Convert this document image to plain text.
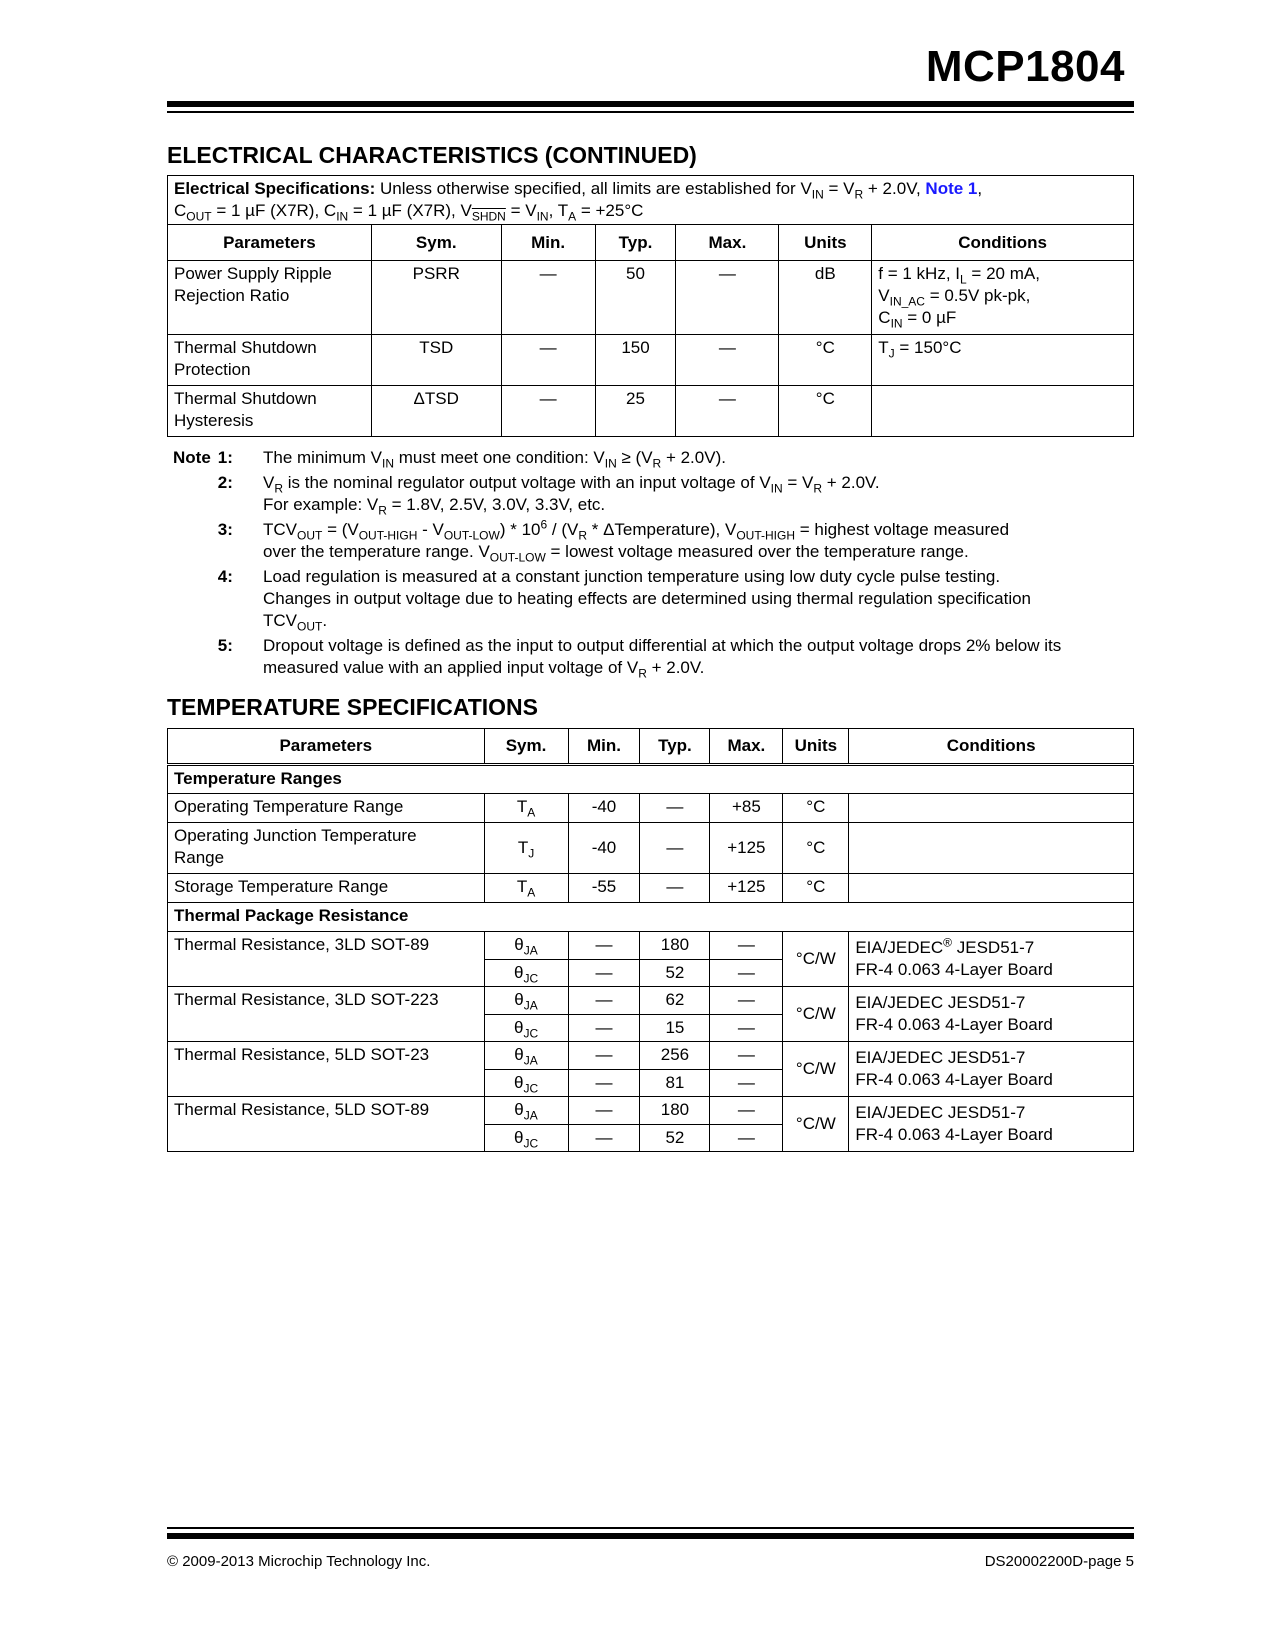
MCP1804
ELECTRICAL CHARACTERISTICS (CONTINUED)
Electrical Specifications: Unless otherwise specified, all limits are established for $V_{IN} = V_R + 2.0V$, Note 1,
$C_{OUT} = 1$ µF (X7R), $C_{IN} = 1$ µF (X7R), $V_{SHDN} = V_{IN}$, $T_A = +25^\circ C$						
Parameters	Sym.	Min.	Typ.	Max.	Units	Conditions
Power Supply Ripple
Rejection Ratio	PSRR	—	50	—	dB	f = 1 kHz, $I_L = 20$ mA,
$V_{IN\_AC} = 0.5V$ pk-pk,
$C_{IN} = 0$ µF
Thermal Shutdown
Protection	TSD	—	150	—	°C	$T_J = 150^\circ C$
Thermal Shutdown
Hysteresis	ΔTSD	—	25	—	°C	
Note 1:	The minimum $V_{IN}$ must meet one condition: $V_{IN} \ge (V_R + 2.0V)$.
2:	$V_R$ is the nominal regulator output voltage with an input voltage of $V_{IN} = V_R + 2.0V$.
For example: $V_R = 1.8V$, 2.5V, 3.0V, 3.3V, etc.
3:	$TCV_{OUT} = (V_{OUT-HIGH} - V_{OUT-LOW}) * 10^6 / (V_R$ * ΔTemperature), $V_{OUT-HIGH}$ = highest voltage measured
over the temperature range. $V_{OUT-LOW}$ = lowest voltage measured over the temperature range.
4:	Load regulation is measured at a constant junction temperature using low duty cycle pulse testing.
Changes in output voltage due to heating effects are determined using thermal regulation specification
$TCV_{OUT}$.
5:	Dropout voltage is defined as the input to output differential at which the output voltage drops 2% below its
measured value with an applied input voltage of $V_R + 2.0V$.
TEMPERATURE SPECIFICATIONS
Parameters	Sym.	Min.	Typ.	Max.	Units	Conditions
Temperature Ranges						
Operating Temperature Range	$T_A$	-40	—	+85	°C	
Operating Junction Temperature
Range	$T_J$	-40	—	+125	°C	
Storage Temperature Range	$T_A$	-55	—	+125	°C	
Thermal Package Resistance						
Thermal Resistance, 3LD SOT-89	$\theta_{JA}$	—	180	—	°C/W	EIA/JEDEC® JESD51-7
FR-4 0.063 4-Layer Board
	$\theta_{JC}$	—	52	—		
Thermal Resistance, 3LD SOT-223	$\theta_{JA}$	—	62	—	°C/W	EIA/JEDEC JESD51-7
FR-4 0.063 4-Layer Board
	$\theta_{JC}$	—	15	—		
Thermal Resistance, 5LD SOT-23	$\theta_{JA}$	—	256	—	°C/W	EIA/JEDEC JESD51-7
FR-4 0.063 4-Layer Board
	$\theta_{JC}$	—	81	—		
Thermal Resistance, 5LD SOT-89	$\theta_{JA}$	—	180	—	°C/W	EIA/JEDEC JESD51-7
FR-4 0.063 4-Layer Board
	$\theta_{JC}$	—	52	—		
© 2009-2013 Microchip Technology Inc.	DS20002200D-page 5
